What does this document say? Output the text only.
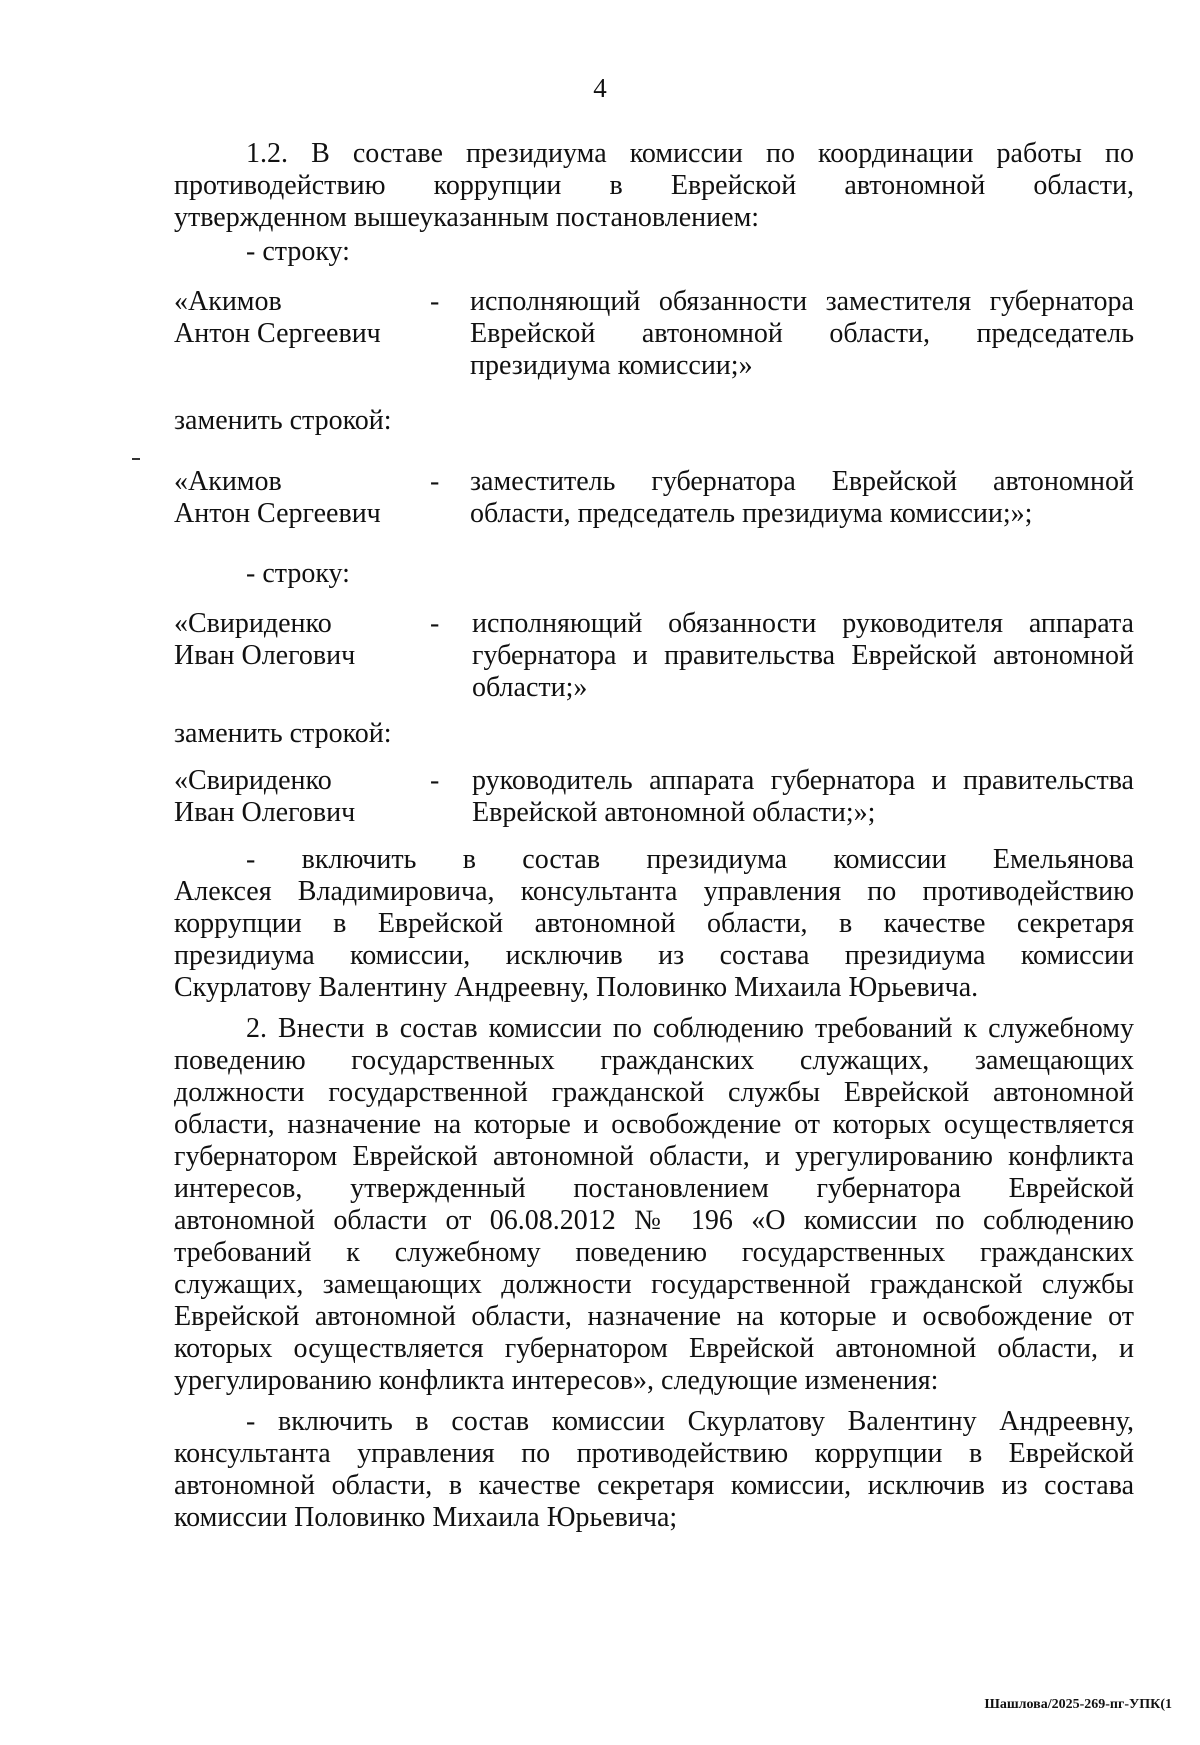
4
1.2. В составе президиума комиссии по координации работы по
противодействию коррупции в Еврейской автономной области,
утвержденном вышеуказанным постановлением:
- строку:
«Акимов
Антон Сергеевич
- исполняющий обязанности заместителя губернатора
Еврейской автономной области, председатель
президиума комиссии;»
заменить строкой:
«Акимов
Антон Сергеевич
- заместитель губернатора Еврейской автономной
области, председатель президиума комиссии;»;
- строку:
«Свириденко
Иван Олегович
- исполняющий обязанности руководителя аппарата
губернатора и правительства Еврейской автономной
области;»
заменить строкой:
«Свириденко
Иван Олегович
- руководитель аппарата губернатора и правительства
Еврейской автономной области;»;
- включить в состав президиума комиссии Емельянова
Алексея Владимировича, консультанта управления по противодействию
коррупции в Еврейской автономной области, в качестве секретаря
президиума комиссии, исключив из состава президиума комиссии
Скурлатову Валентину Андреевну, Половинко Михаила Юрьевича.
2. Внести в состав комиссии по соблюдению требований к служебному
поведению государственных гражданских служащих, замещающих
должности государственной гражданской службы Еврейской автономной
области, назначение на которые и освобождение от которых осуществляется
губернатором Еврейской автономной области, и урегулированию конфликта
интересов, утвержденный постановлением губернатора Еврейской
автономной области от 06.08.2012 № 196 «О комиссии по соблюдению
требований к служебному поведению государственных гражданских
служащих, замещающих должности государственной гражданской службы
Еврейской автономной области, назначение на которые и освобождение от
которых осуществляется губернатором Еврейской автономной области, и
урегулированию конфликта интересов», следующие изменения:
- включить в состав комиссии Скурлатову Валентину Андреевну,
консультанта управления по противодействию коррупции в Еврейской
автономной области, в качестве секретаря комиссии, исключив из состава
комиссии Половинко Михаила Юрьевича;
Шашлова/2025-269-пг-УПК(1
